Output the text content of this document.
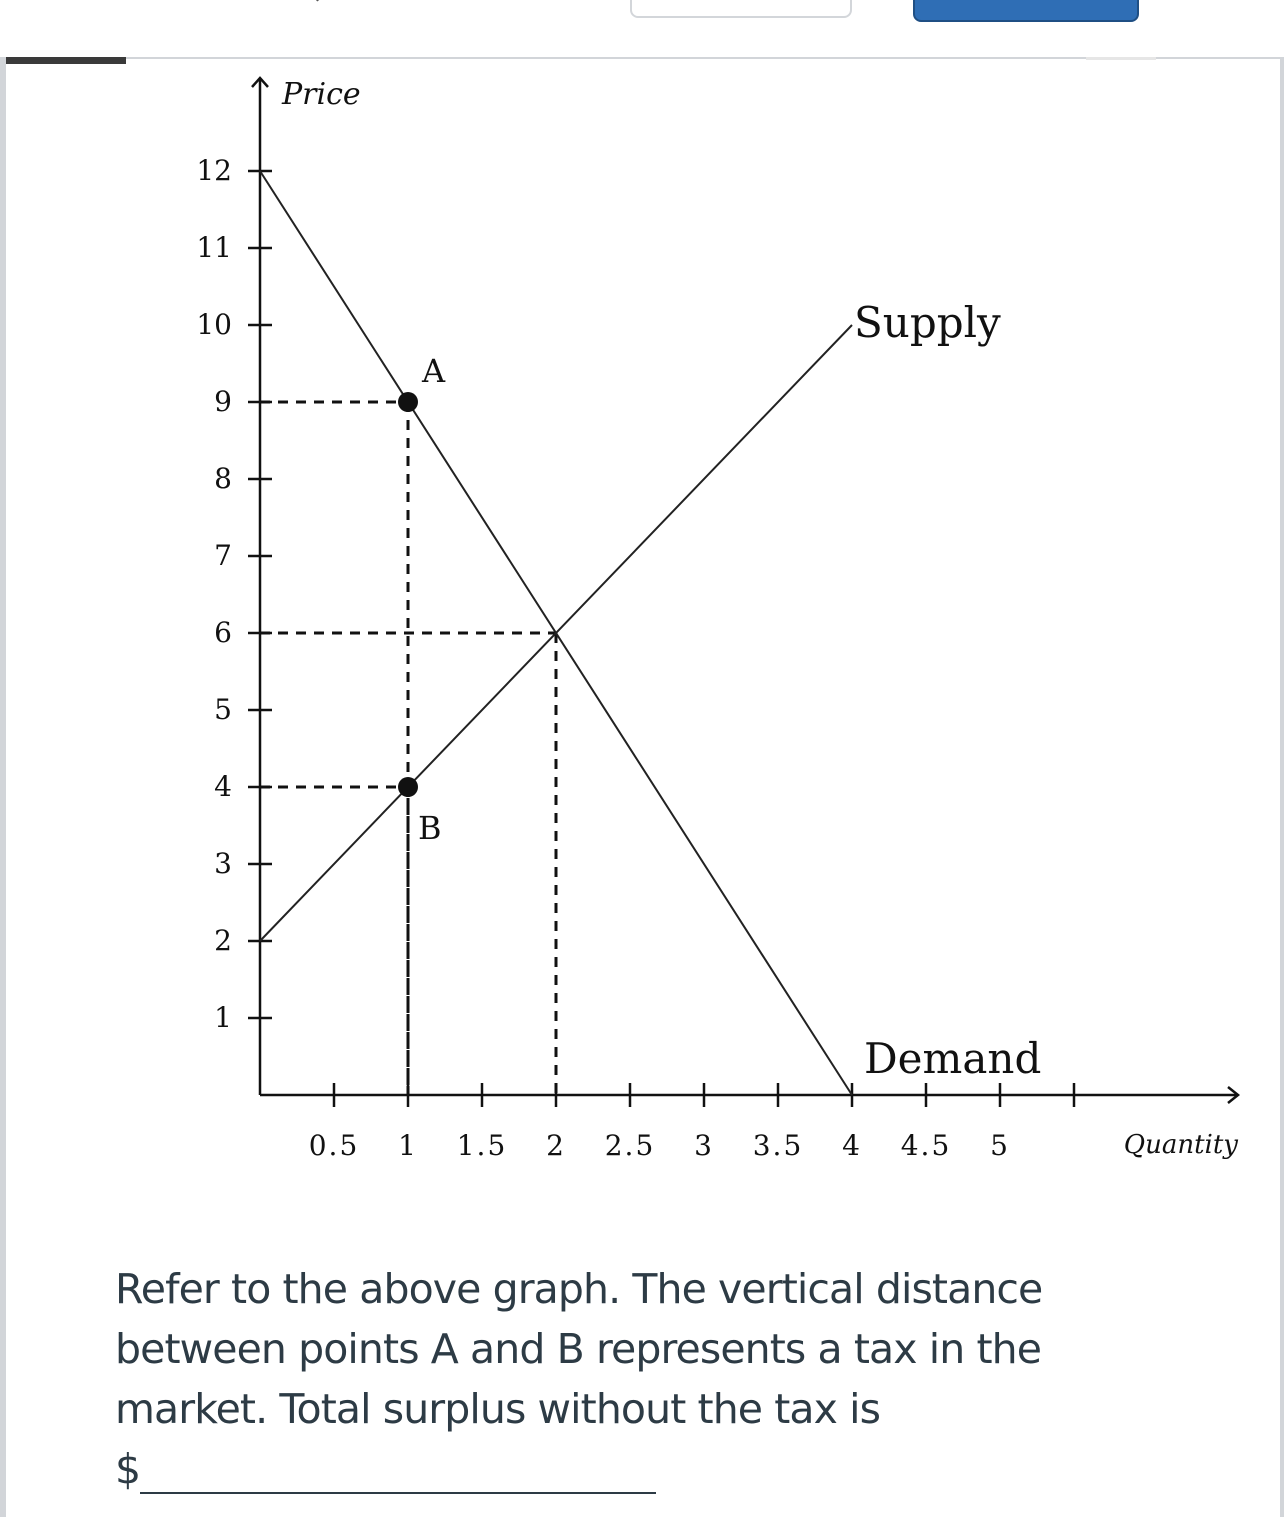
Price
Quantity
1
2
3
4
5
6
7
8
9
10
11
12
0.5 1 1.5 2 2.5 3 3.5 4 4.5 5
Supply
Demand
A
B
Refer to the above graph. The vertical distance between points A and B represents a tax in the market. Total surplus without the tax is
$
